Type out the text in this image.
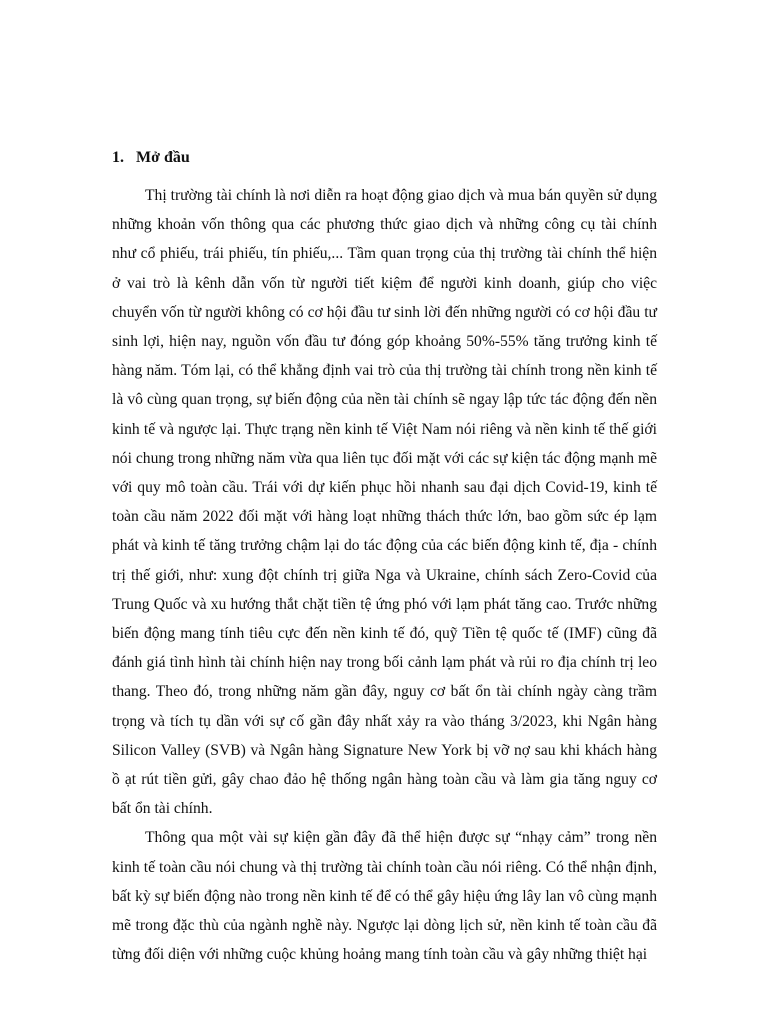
1. Mở đầu

Thị trường tài chính là nơi diễn ra hoạt động giao dịch và mua bán quyền sử dụng những khoản vốn thông qua các phương thức giao dịch và những công cụ tài chính như cổ phiếu, trái phiếu, tín phiếu,... Tầm quan trọng của thị trường tài chính thể hiện ở vai trò là kênh dẫn vốn từ người tiết kiệm để người kinh doanh, giúp cho việc chuyển vốn từ người không có cơ hội đầu tư sinh lời đến những người có cơ hội đầu tư sinh lợi, hiện nay, nguồn vốn đầu tư đóng góp khoảng 50%-55% tăng trưởng kinh tế hàng năm. Tóm lại, có thể khẳng định vai trò của thị trường tài chính trong nền kinh tế là vô cùng quan trọng, sự biến động của nền tài chính sẽ ngay lập tức tác động đến nền kinh tế và ngược lại. Thực trạng nền kinh tế Việt Nam nói riêng và nền kinh tế thế giới nói chung trong những năm vừa qua liên tục đối mặt với các sự kiện tác động mạnh mẽ với quy mô toàn cầu. Trái với dự kiến phục hồi nhanh sau đại dịch Covid-19, kinh tế toàn cầu năm 2022 đối mặt với hàng loạt những thách thức lớn, bao gồm sức ép lạm phát và kinh tế tăng trưởng chậm lại do tác động của các biến động kinh tế, địa - chính trị thế giới, như: xung đột chính trị giữa Nga và Ukraine, chính sách Zero-Covid của Trung Quốc và xu hướng thắt chặt tiền tệ ứng phó với lạm phát tăng cao. Trước những biến động mang tính tiêu cực đến nền kinh tế đó, quỹ Tiền tệ quốc tế (IMF) cũng đã đánh giá tình hình tài chính hiện nay trong bối cảnh lạm phát và rủi ro địa chính trị leo thang. Theo đó, trong những năm gần đây, nguy cơ bất ổn tài chính ngày càng trầm trọng và tích tụ dần với sự cố gần đây nhất xảy ra vào tháng 3/2023, khi Ngân hàng Silicon Valley (SVB) và Ngân hàng Signature New York bị vỡ nợ sau khi khách hàng ồ ạt rút tiền gửi, gây chao đảo hệ thống ngân hàng toàn cầu và làm gia tăng nguy cơ bất ổn tài chính.

Thông qua một vài sự kiện gần đây đã thể hiện được sự “nhạy cảm” trong nền kinh tế toàn cầu nói chung và thị trường tài chính toàn cầu nói riêng. Có thể nhận định, bất kỳ sự biến động nào trong nền kinh tế để có thể gây hiệu ứng lây lan vô cùng mạnh mẽ trong đặc thù của ngành nghề này. Ngược lại dòng lịch sử, nền kinh tế toàn cầu đã từng đối diện với những cuộc khủng hoảng mang tính toàn cầu và gây những thiệt hại
